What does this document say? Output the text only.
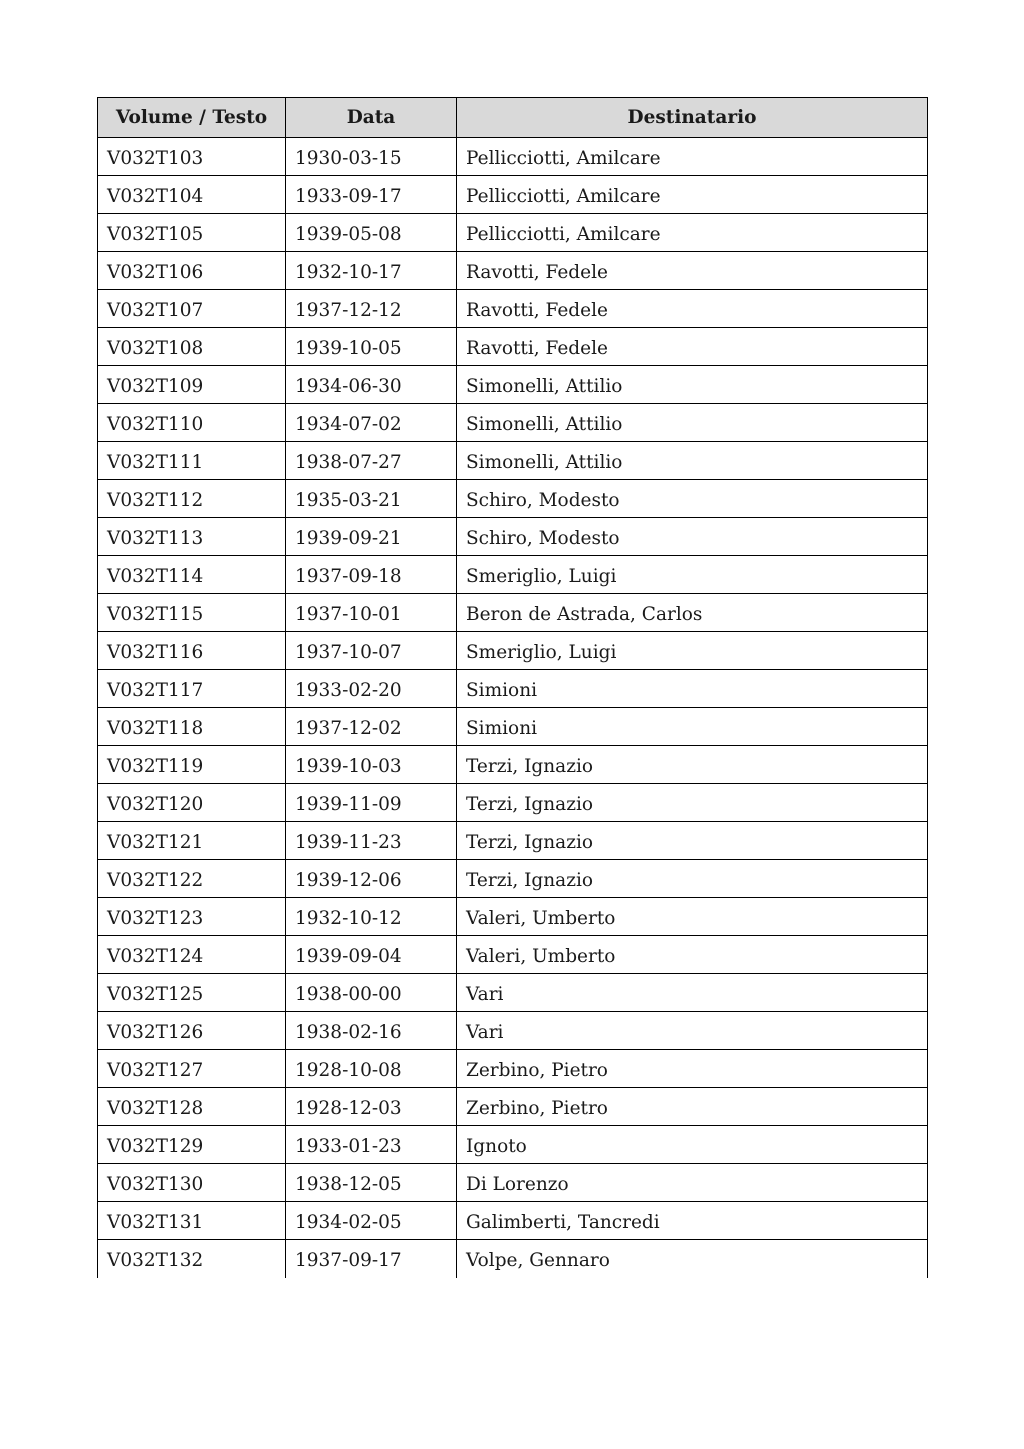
Volume / Testo	Data	Destinatario
V032T103	1930-03-15	Pellicciotti, Amilcare
V032T104	1933-09-17	Pellicciotti, Amilcare
V032T105	1939-05-08	Pellicciotti, Amilcare
V032T106	1932-10-17	Ravotti, Fedele
V032T107	1937-12-12	Ravotti, Fedele
V032T108	1939-10-05	Ravotti, Fedele
V032T109	1934-06-30	Simonelli, Attilio
V032T110	1934-07-02	Simonelli, Attilio
V032T111	1938-07-27	Simonelli, Attilio
V032T112	1935-03-21	Schiro, Modesto
V032T113	1939-09-21	Schiro, Modesto
V032T114	1937-09-18	Smeriglio, Luigi
V032T115	1937-10-01	Beron de Astrada, Carlos
V032T116	1937-10-07	Smeriglio, Luigi
V032T117	1933-02-20	Simioni
V032T118	1937-12-02	Simioni
V032T119	1939-10-03	Terzi, Ignazio
V032T120	1939-11-09	Terzi, Ignazio
V032T121	1939-11-23	Terzi, Ignazio
V032T122	1939-12-06	Terzi, Ignazio
V032T123	1932-10-12	Valeri, Umberto
V032T124	1939-09-04	Valeri, Umberto
V032T125	1938-00-00	Vari
V032T126	1938-02-16	Vari
V032T127	1928-10-08	Zerbino, Pietro
V032T128	1928-12-03	Zerbino, Pietro
V032T129	1933-01-23	Ignoto
V032T130	1938-12-05	Di Lorenzo
V032T131	1934-02-05	Galimberti, Tancredi
V032T132	1937-09-17	Volpe, Gennaro
